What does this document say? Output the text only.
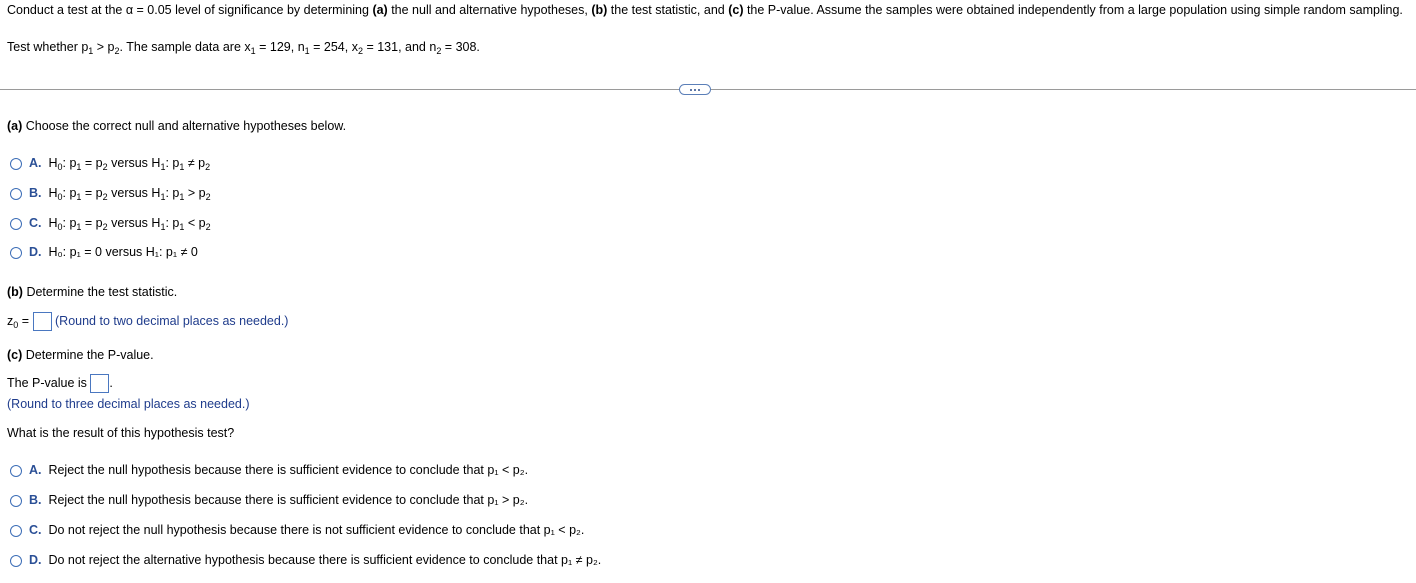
Conduct a test at the α = 0.05 level of significance by determining (a) the null and alternative hypotheses, (b) the test statistic, and (c) the P-value. Assume the samples were obtained independently from a large population using simple random sampling.
Test whether $p_1 > p_2$. The sample data are $x_1 = 129$, $n_1 = 254$, $x_2 = 131$, and $n_2 = 308$.
(a) Choose the correct null and alternative hypotheses below.
A. $H_0$: $p_1 = p_2$ versus $H_1$: $p_1 \ne p_2$
B. $H_0$: $p_1 = p_2$ versus $H_1$: $p_1 > p_2$
C. $H_0$: $p_1 = p_2$ versus $H_1$: $p_1 < p_2$
D. H₀: p₁ = 0 versus H₁: p₁ ≠ 0
(b) Determine the test statistic.
$z_0$ =  (Round to two decimal places as needed.)
(c) Determine the P-value.
The P-value is .
(Round to three decimal places as needed.)
What is the result of this hypothesis test?
A. Reject the null hypothesis because there is sufficient evidence to conclude that p₁ < p₂.
B. Reject the null hypothesis because there is sufficient evidence to conclude that p₁ > p₂.
C. Do not reject the null hypothesis because there is not sufficient evidence to conclude that p₁ < p₂.
D. Do not reject the alternative hypothesis because there is sufficient evidence to conclude that p₁ ≠ p₂.
